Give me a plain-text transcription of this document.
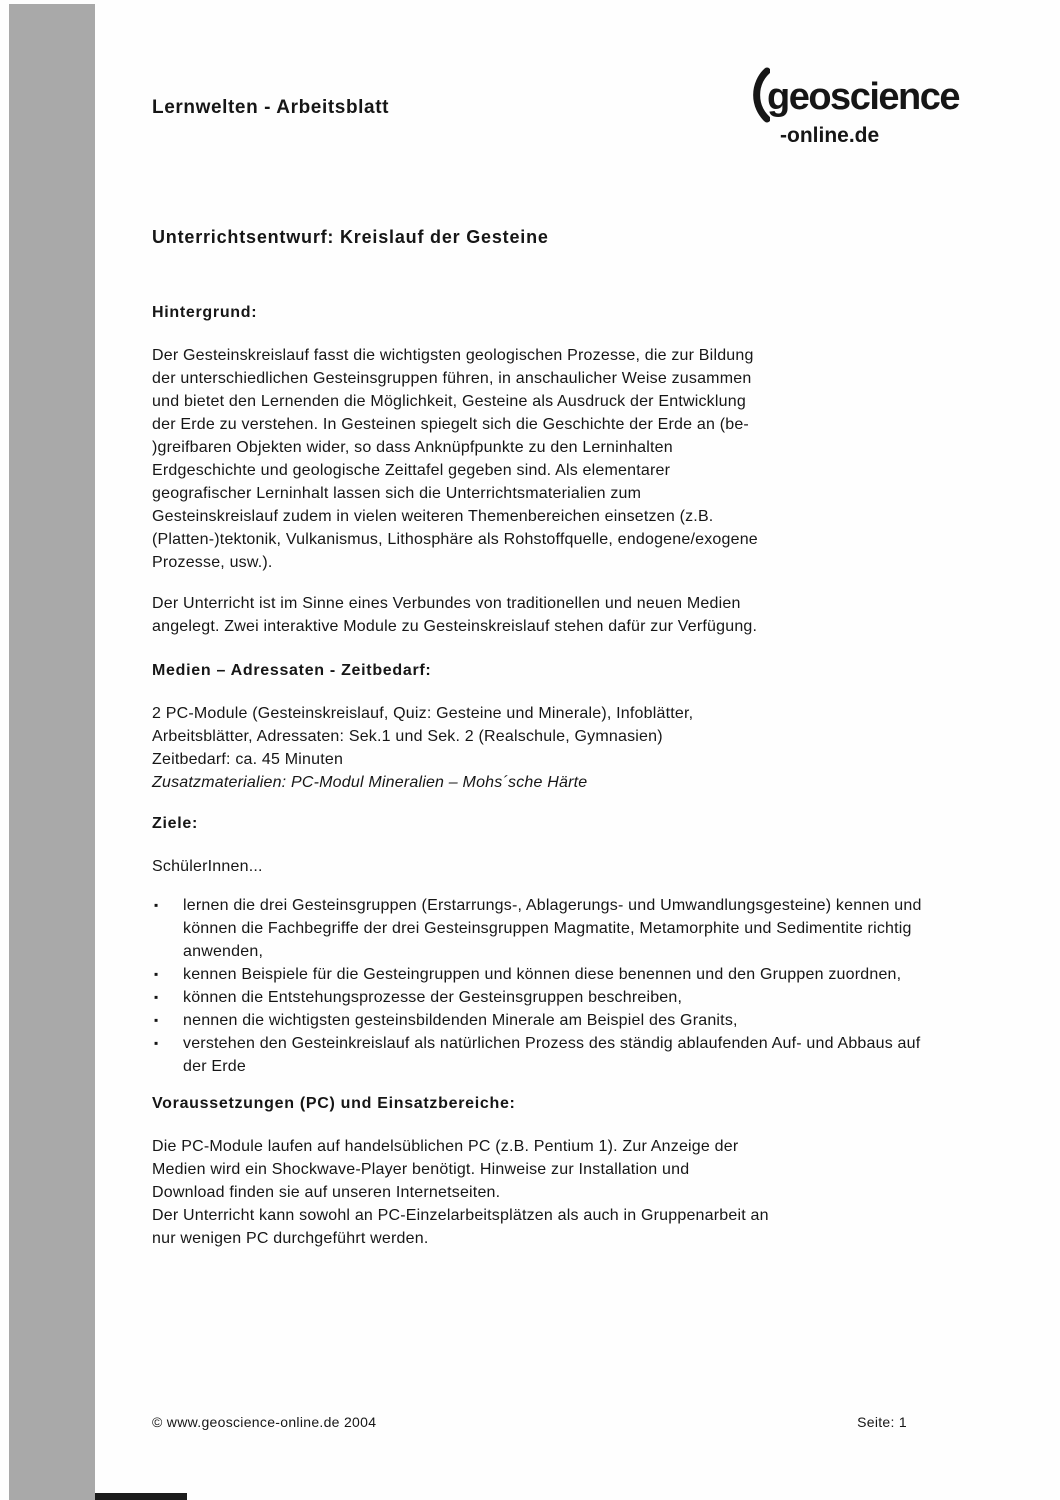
Lernwelten - Arbeitsblatt	geoscience
-online.de
Unterrichtsentwurf: Kreislauf der Gesteine
Hintergrund:
Der Gesteinskreislauf fasst die wichtigsten geologischen Prozesse, die zur Bildung
der unterschiedlichen Gesteinsgruppen führen, in anschaulicher Weise zusammen
und bietet den Lernenden die Möglichkeit, Gesteine als Ausdruck der Entwicklung
der Erde zu verstehen. In Gesteinen spiegelt sich die Geschichte der Erde an (be-
)greifbaren Objekten wider, so dass Anknüpfpunkte zu den Lerninhalten
Erdgeschichte und geologische Zeittafel gegeben sind. Als elementarer
geografischer Lerninhalt lassen sich die Unterrichtsmaterialien zum
Gesteinskreislauf zudem in vielen weiteren Themenbereichen einsetzen (z.B.
(Platten-)tektonik, Vulkanismus, Lithosphäre als Rohstoffquelle, endogene/exogene
Prozesse, usw.).
Der Unterricht ist im Sinne eines Verbundes von traditionellen und neuen Medien
angelegt. Zwei interaktive Module zu Gesteinskreislauf stehen dafür zur Verfügung.
Medien – Adressaten - Zeitbedarf:
2 PC-Module (Gesteinskreislauf, Quiz: Gesteine und Minerale), Infoblätter,
Arbeitsblätter, Adressaten: Sek.1 und Sek. 2 (Realschule, Gymnasien)
Zeitbedarf: ca. 45 Minuten
Zusatzmaterialien: PC-Modul Mineralien – Mohs´sche Härte
Ziele:
SchülerInnen...
▪ lernen die drei Gesteinsgruppen (Erstarrungs-, Ablagerungs- und Umwandlungsgesteine) kennen und können die Fachbegriffe der drei Gesteinsgruppen Magmatite, Metamorphite und Sedimentite richtig anwenden,
▪ kennen Beispiele für die Gesteingruppen und können diese benennen und den Gruppen zuordnen,
▪ können die Entstehungsprozesse der Gesteinsgruppen beschreiben,
▪ nennen die wichtigsten gesteinsbildenden Minerale am Beispiel des Granits,
▪ verstehen den Gesteinkreislauf als natürlichen Prozess des ständig ablaufenden Auf- und Abbaus auf der Erde
Voraussetzungen (PC) und Einsatzbereiche:
Die PC-Module laufen auf handelsüblichen PC (z.B. Pentium 1). Zur Anzeige der
Medien wird ein Shockwave-Player benötigt. Hinweise zur Installation und
Download finden sie auf unseren Internetseiten.
Der Unterricht kann sowohl an PC-Einzelarbeitsplätzen als auch in Gruppenarbeit an
nur wenigen PC durchgeführt werden.
© www.geoscience-online.de 2004	Seite: 1
